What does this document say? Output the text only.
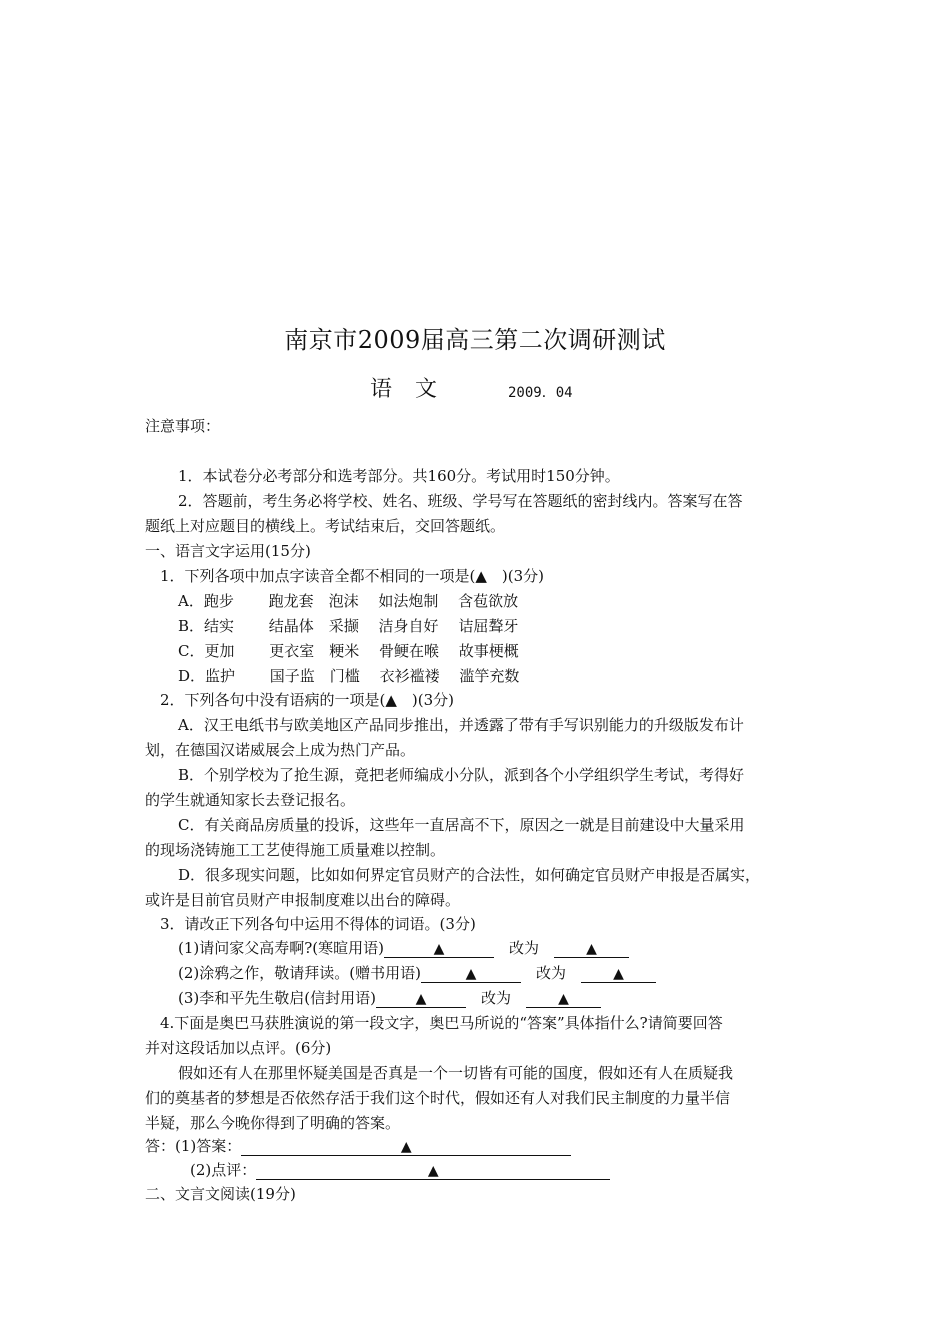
南京市2009届高三第二次调研测试
语 文	2009．04
注意事项：
1．本试卷分必考部分和选考部分。共160分。考试用时150分钟。
2．答题前，考生务必将学校、姓名、班级、学号写在答题纸的密封线内。答案写在答
题纸上对应题目的横线上。考试结束后，交回答题纸。
一、语言文字运用(15分)
1．下列各项中加点字读音全都不相同的一项是(▲　)(3分)
A．跑步　　 跑龙套　泡沫　 如法炮制　 含苞欲放
B．结实　　 结晶体　采撷　 洁身自好　 诘屈聱牙
C．更加　　 更衣室　粳米　 骨鲠在喉　 故事梗概
D．监护　　 国子监　门槛　 衣衫褴褛　 滥竽充数
2．下列各句中没有语病的一项是(▲　)(3分)
A．汉王电纸书与欧美地区产品同步推出，并透露了带有手写识别能力的升级版发布计
划，在德国汉诺威展会上成为热门产品。
B．个别学校为了抢生源，竟把老师编成小分队，派到各个小学组织学生考试，考得好
的学生就通知家长去登记报名。
C．有关商品房质量的投诉，这些年一直居高不下，原因之一就是目前建设中大量采用
的现场浇铸施工工艺使得施工质量难以控制。
D．很多现实问题，比如如何界定官员财产的合法性，如何确定官员财产申报是否属实，
或许是目前官员财产申报制度难以出台的障碍。
3．请改正下列各句中运用不得体的词语。(3分)
(1)请问家父高寿啊?(寒暄用语)	▲　	改为　	▲
(2)涂鸦之作，敬请拜读。(赠书用语)	▲　	改为　	▲
(3)李和平先生敬启(信封用语)	▲　	改为　	▲
4.下面是奥巴马获胜演说的第一段文字，奥巴马所说的“答案”具体指什么?请简要回答
并对这段话加以点评。(6分)
假如还有人在那里怀疑美国是否真是一个一切皆有可能的国度，假如还有人在质疑我
们的奠基者的梦想是否依然存活于我们这个时代，假如还有人对我们民主制度的力量半信
半疑，那么今晚你得到了明确的答案。
答：(1)答案：	▲
(2)点评：	▲
二、文言文阅读(19分)
